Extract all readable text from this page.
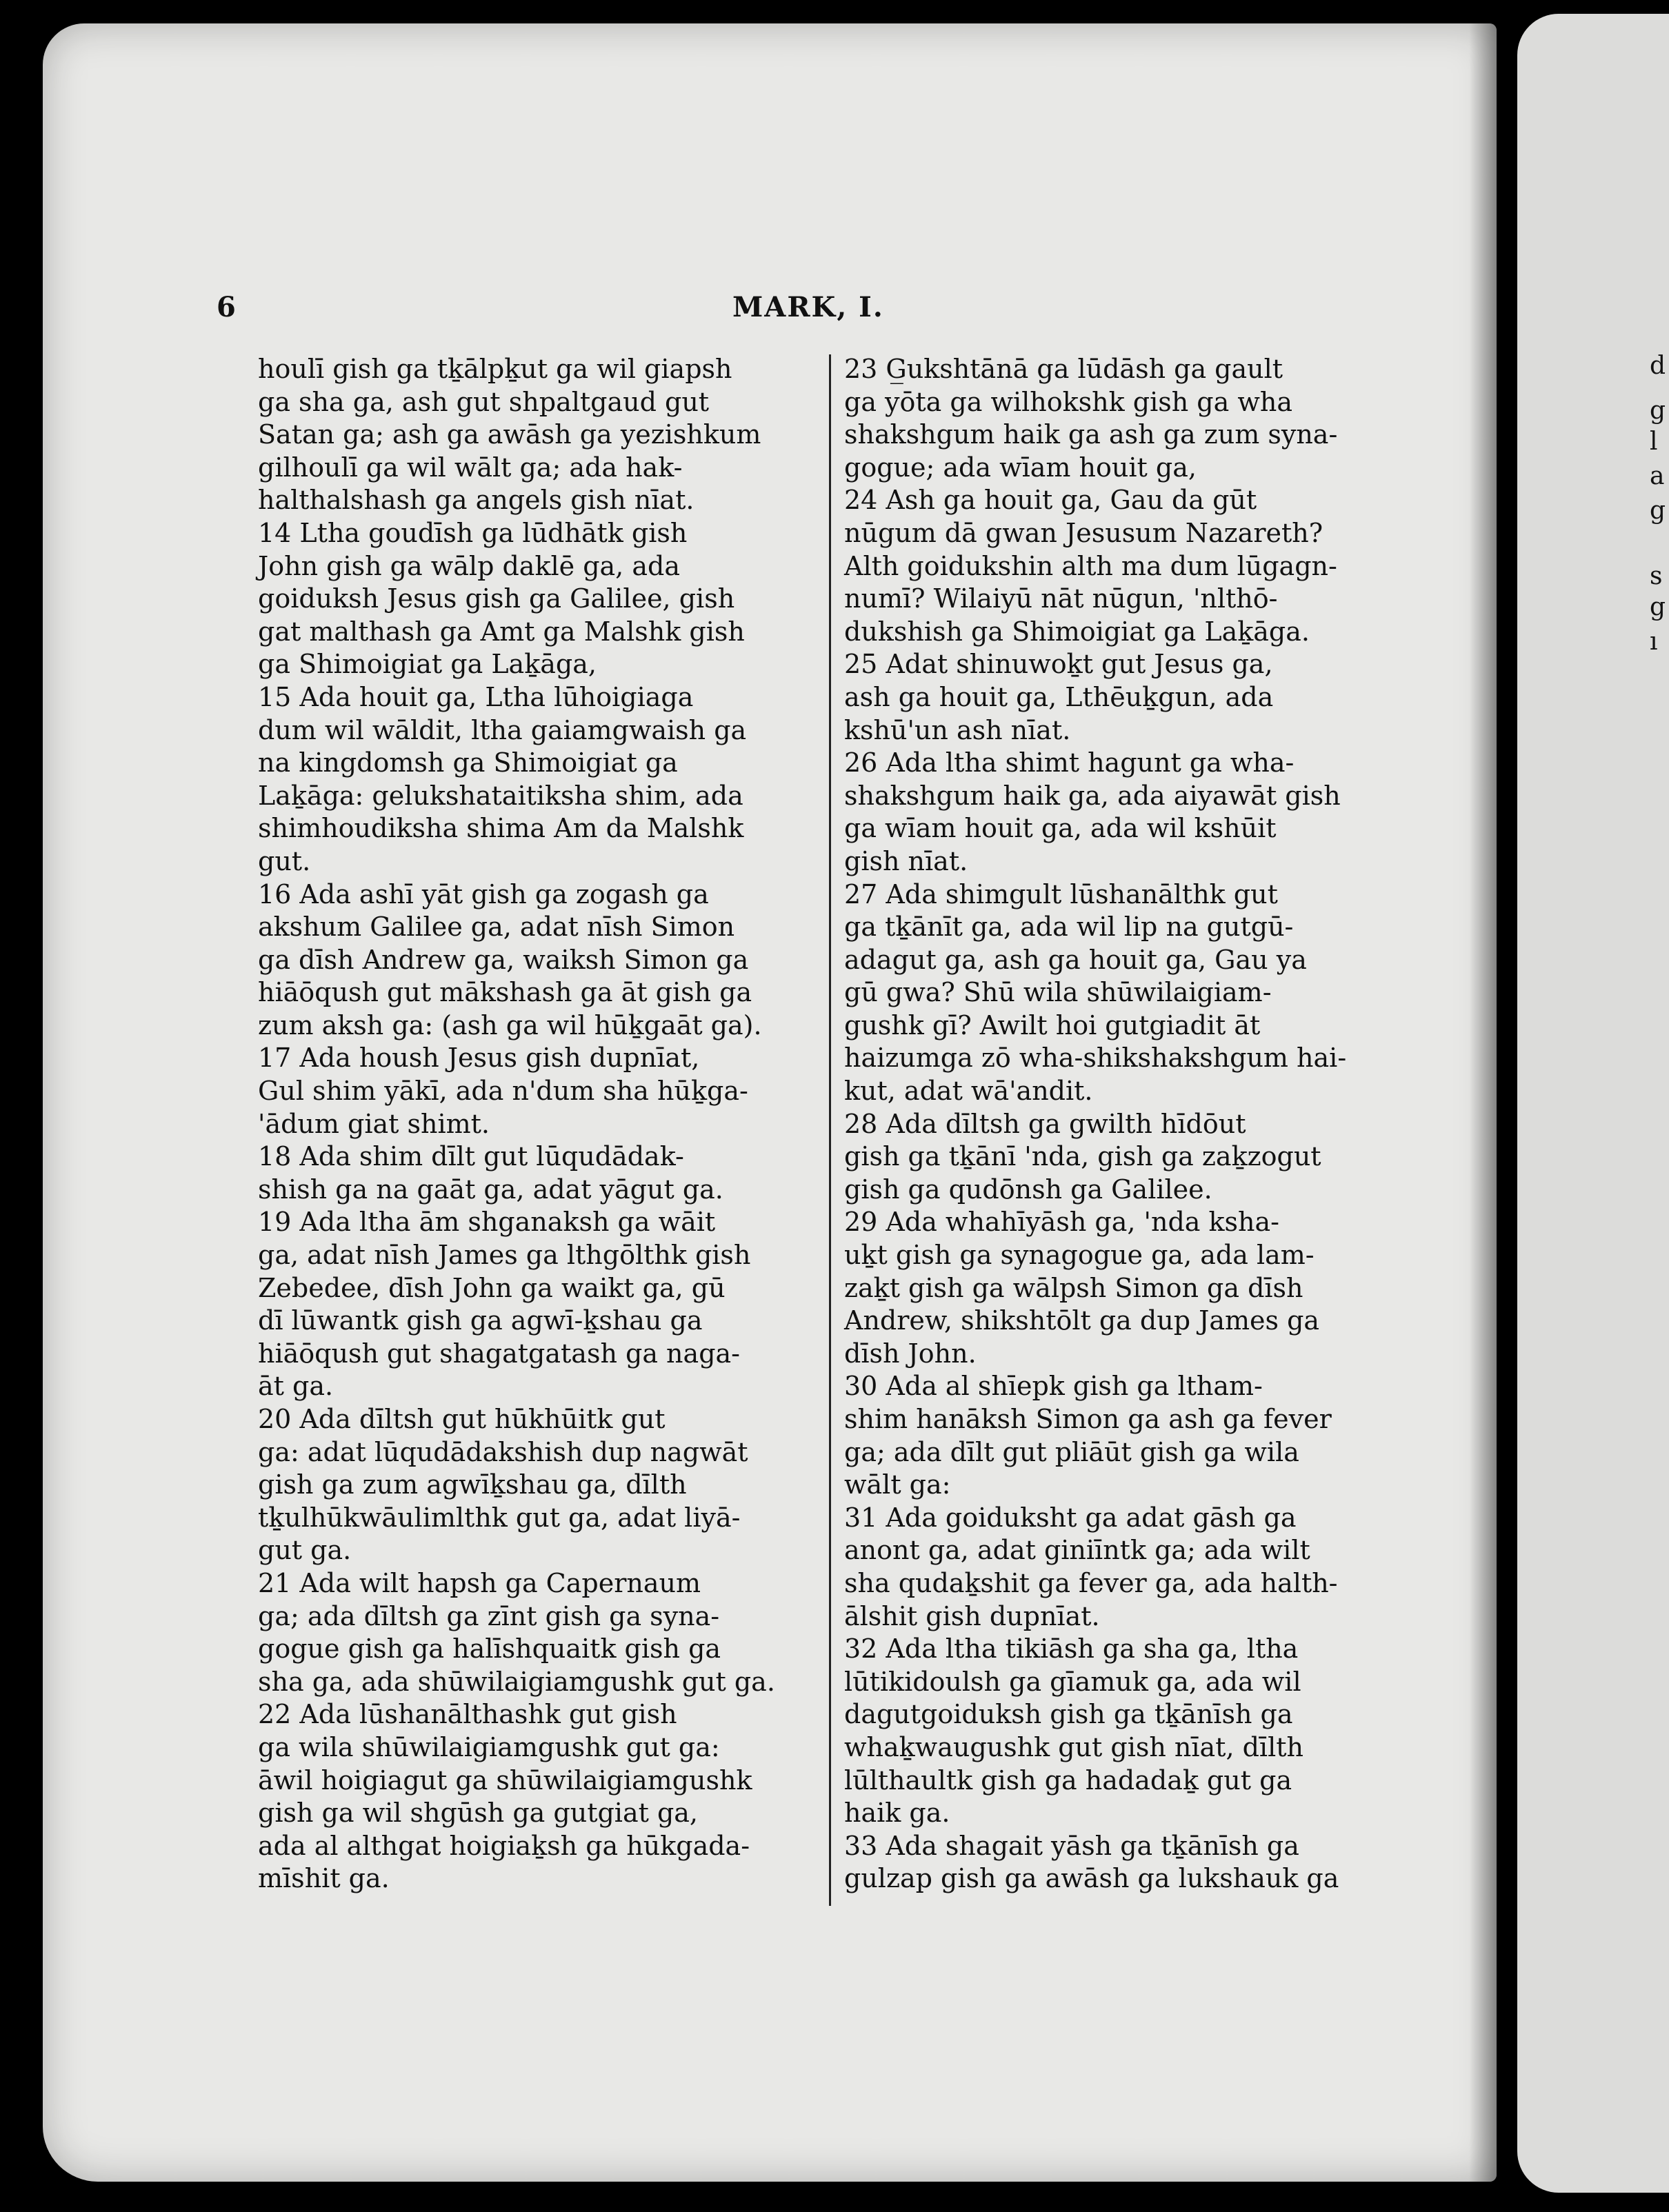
d
g
l
a
g
s
g
ı
6	MARK, I.

houlī gish ga tḵālpḵut ga wil giapsh

ga sha ga, ash gut shpaltgaud gut

Satan ga; ash ga awāsh ga yezishkum

gilhoulī ga wil wālt ga; ada hak-

halthalshash ga angels gish nīat.

14 Ltha goudīsh ga lūdhātk gish

John gish ga wālp daklē ga, ada

goiduksh Jesus gish ga Galilee, gish

gat malthash ga Amt ga Malshk gish

ga Shimoigiat ga Laḵāga,

15 Ada houit ga, Ltha lūhoigiaga

dum wil wāldit, ltha gaiamgwaish ga

na kingdomsh ga Shimoigiat ga

Laḵāga: gelukshataitiksha shim, ada

shimhoudiksha shima Am da Malshk

gut.

16 Ada ashī yāt gish ga zogash ga

akshum Galilee ga, adat nīsh Simon

ga dīsh Andrew ga, waiksh Simon ga

hiāōqush gut mākshash ga āt gish ga

zum aksh ga: (ash ga wil hūḵgaāt ga).

17 Ada housh Jesus gish dupnīat,

Gul shim yākī, ada n'dum sha hūḵga-

'ādum giat shimt.

18 Ada shim dīlt gut lūqudādak-

shish ga na gaāt ga, adat yāgut ga.

19 Ada ltha ām shganaksh ga wāit

ga, adat nīsh James ga lthgōlthk gish

Zebedee, dīsh John ga waikt ga, gū

dī lūwantk gish ga agwī-ḵshau ga

hiāōqush gut shagatgatash ga naga-

āt ga.

20 Ada dīltsh gut hūkhūitk gut

ga: adat lūqudādakshish dup nagwāt

gish ga zum agwīḵshau ga, dīlth

tḵulhūkwāulimlthk gut ga, adat liyā-

gut ga.

21 Ada wilt hapsh ga Capernaum

ga; ada dīltsh ga zīnt gish ga syna-

gogue gish ga halīshquaitk gish ga

sha ga, ada shūwilaigiamgushk gut ga.

22 Ada lūshanālthashk gut gish

ga wila shūwilaigiamgushk gut ga:

āwil hoigiagut ga shūwilaigiamgushk

gish ga wil shgūsh ga gutgiat ga,

ada al althgat hoigiaḵsh ga hūkgada-

mīshit ga.

23 G̲ukshtānā ga lūdāsh ga gault

ga yōta ga wilhokshk gish ga wha

shakshgum haik ga ash ga zum syna-

gogue; ada wīam houit ga,

24 Ash ga houit ga, Gau da gūt

nūgum dā gwan Jesusum Nazareth?

Alth goidukshin alth ma dum lūgagn-

numī? Wilaiyū nāt nūgun, 'nlthō-

dukshish ga Shimoigiat ga Laḵāga.

25 Adat shinuwoḵt gut Jesus ga,

ash ga houit ga, Lthēuḵgun, ada

kshū'un ash nīat.

26 Ada ltha shimt hagunt ga wha-

shakshgum haik ga, ada aiyawāt gish

ga wīam houit ga, ada wil kshūit

gish nīat.

27 Ada shimgult lūshanālthk gut

ga tḵānīt ga, ada wil lip na gutgū-

adagut ga, ash ga houit ga, Gau ya

gū gwa? Shū wila shūwilaigiam-

gushk gī? Awilt hoi gutgiadit āt

haizumga zō wha-shikshakshgum hai-

kut, adat wā'andit.

28 Ada dīltsh ga gwilth hīdōut

gish ga tḵānī 'nda, gish ga zaḵzogut

gish ga qudōnsh ga Galilee.

29 Ada whahīyāsh ga, 'nda ksha-

uḵt gish ga synagogue ga, ada lam-

zaḵt gish ga wālpsh Simon ga dīsh

Andrew, shikshtōlt ga dup James ga

dīsh John.

30 Ada al shīepk gish ga ltham-

shim hanāksh Simon ga ash ga fever

ga; ada dīlt gut pliāūt gish ga wila

wālt ga:

31 Ada goiduksht ga adat gāsh ga

anont ga, adat giniīntk ga; ada wilt

sha qudaḵshit ga fever ga, ada halth-

ālshit gish dupnīat.

32 Ada ltha tikiāsh ga sha ga, ltha

lūtikidoulsh ga gīamuk ga, ada wil

dagutgoiduksh gish ga tḵānīsh ga

whaḵwaugushk gut gish nīat, dīlth

lūlthaultk gish ga hadadaḵ gut ga

haik ga.

33 Ada shagait yāsh ga tḵānīsh ga

gulzap gish ga awāsh ga lukshauk ga
